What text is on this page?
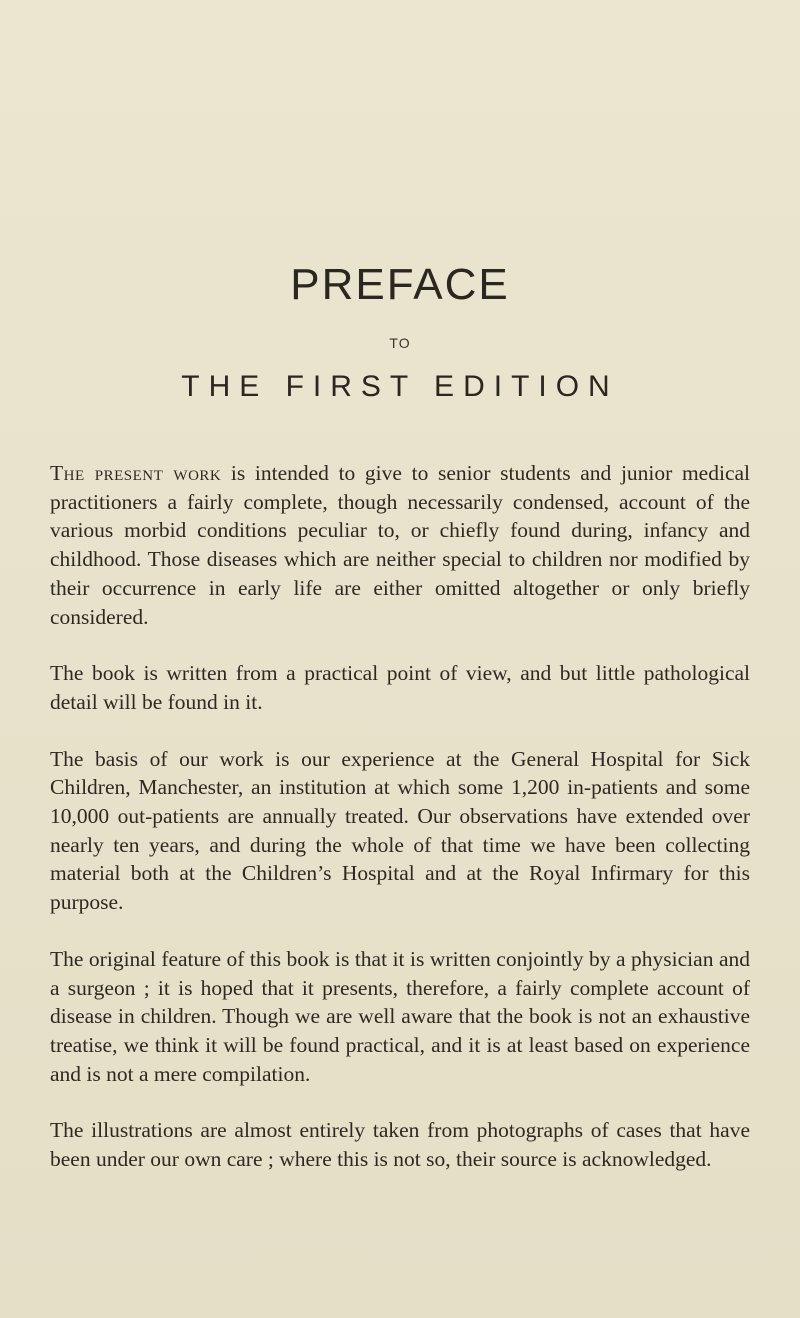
PREFACE
TO
THE FIRST EDITION

The present work is intended to give to senior students and junior medical practitioners a fairly complete, though necessarily condensed, account of the various morbid conditions peculiar to, or chiefly found during, infancy and childhood. Those diseases which are neither special to children nor modified by their occurrence in early life are either omitted altogether or only briefly considered.

The book is written from a practical point of view, and but little pathological detail will be found in it.

The basis of our work is our experience at the General Hospital for Sick Children, Manchester, an institution at which some 1,200 in-patients and some 10,000 out-patients are annually treated. Our observations have extended over nearly ten years, and during the whole of that time we have been collecting material both at the Children’s Hospital and at the Royal Infirmary for this purpose.

The original feature of this book is that it is written conjointly by a physician and a surgeon ; it is hoped that it presents, therefore, a fairly complete account of disease in children. Though we are well aware that the book is not an exhaustive treatise, we think it will be found practical, and it is at least based on experience and is not a mere compilation.

The illustrations are almost entirely taken from photographs of cases that have been under our own care ; where this is not so, their source is acknowledged.
